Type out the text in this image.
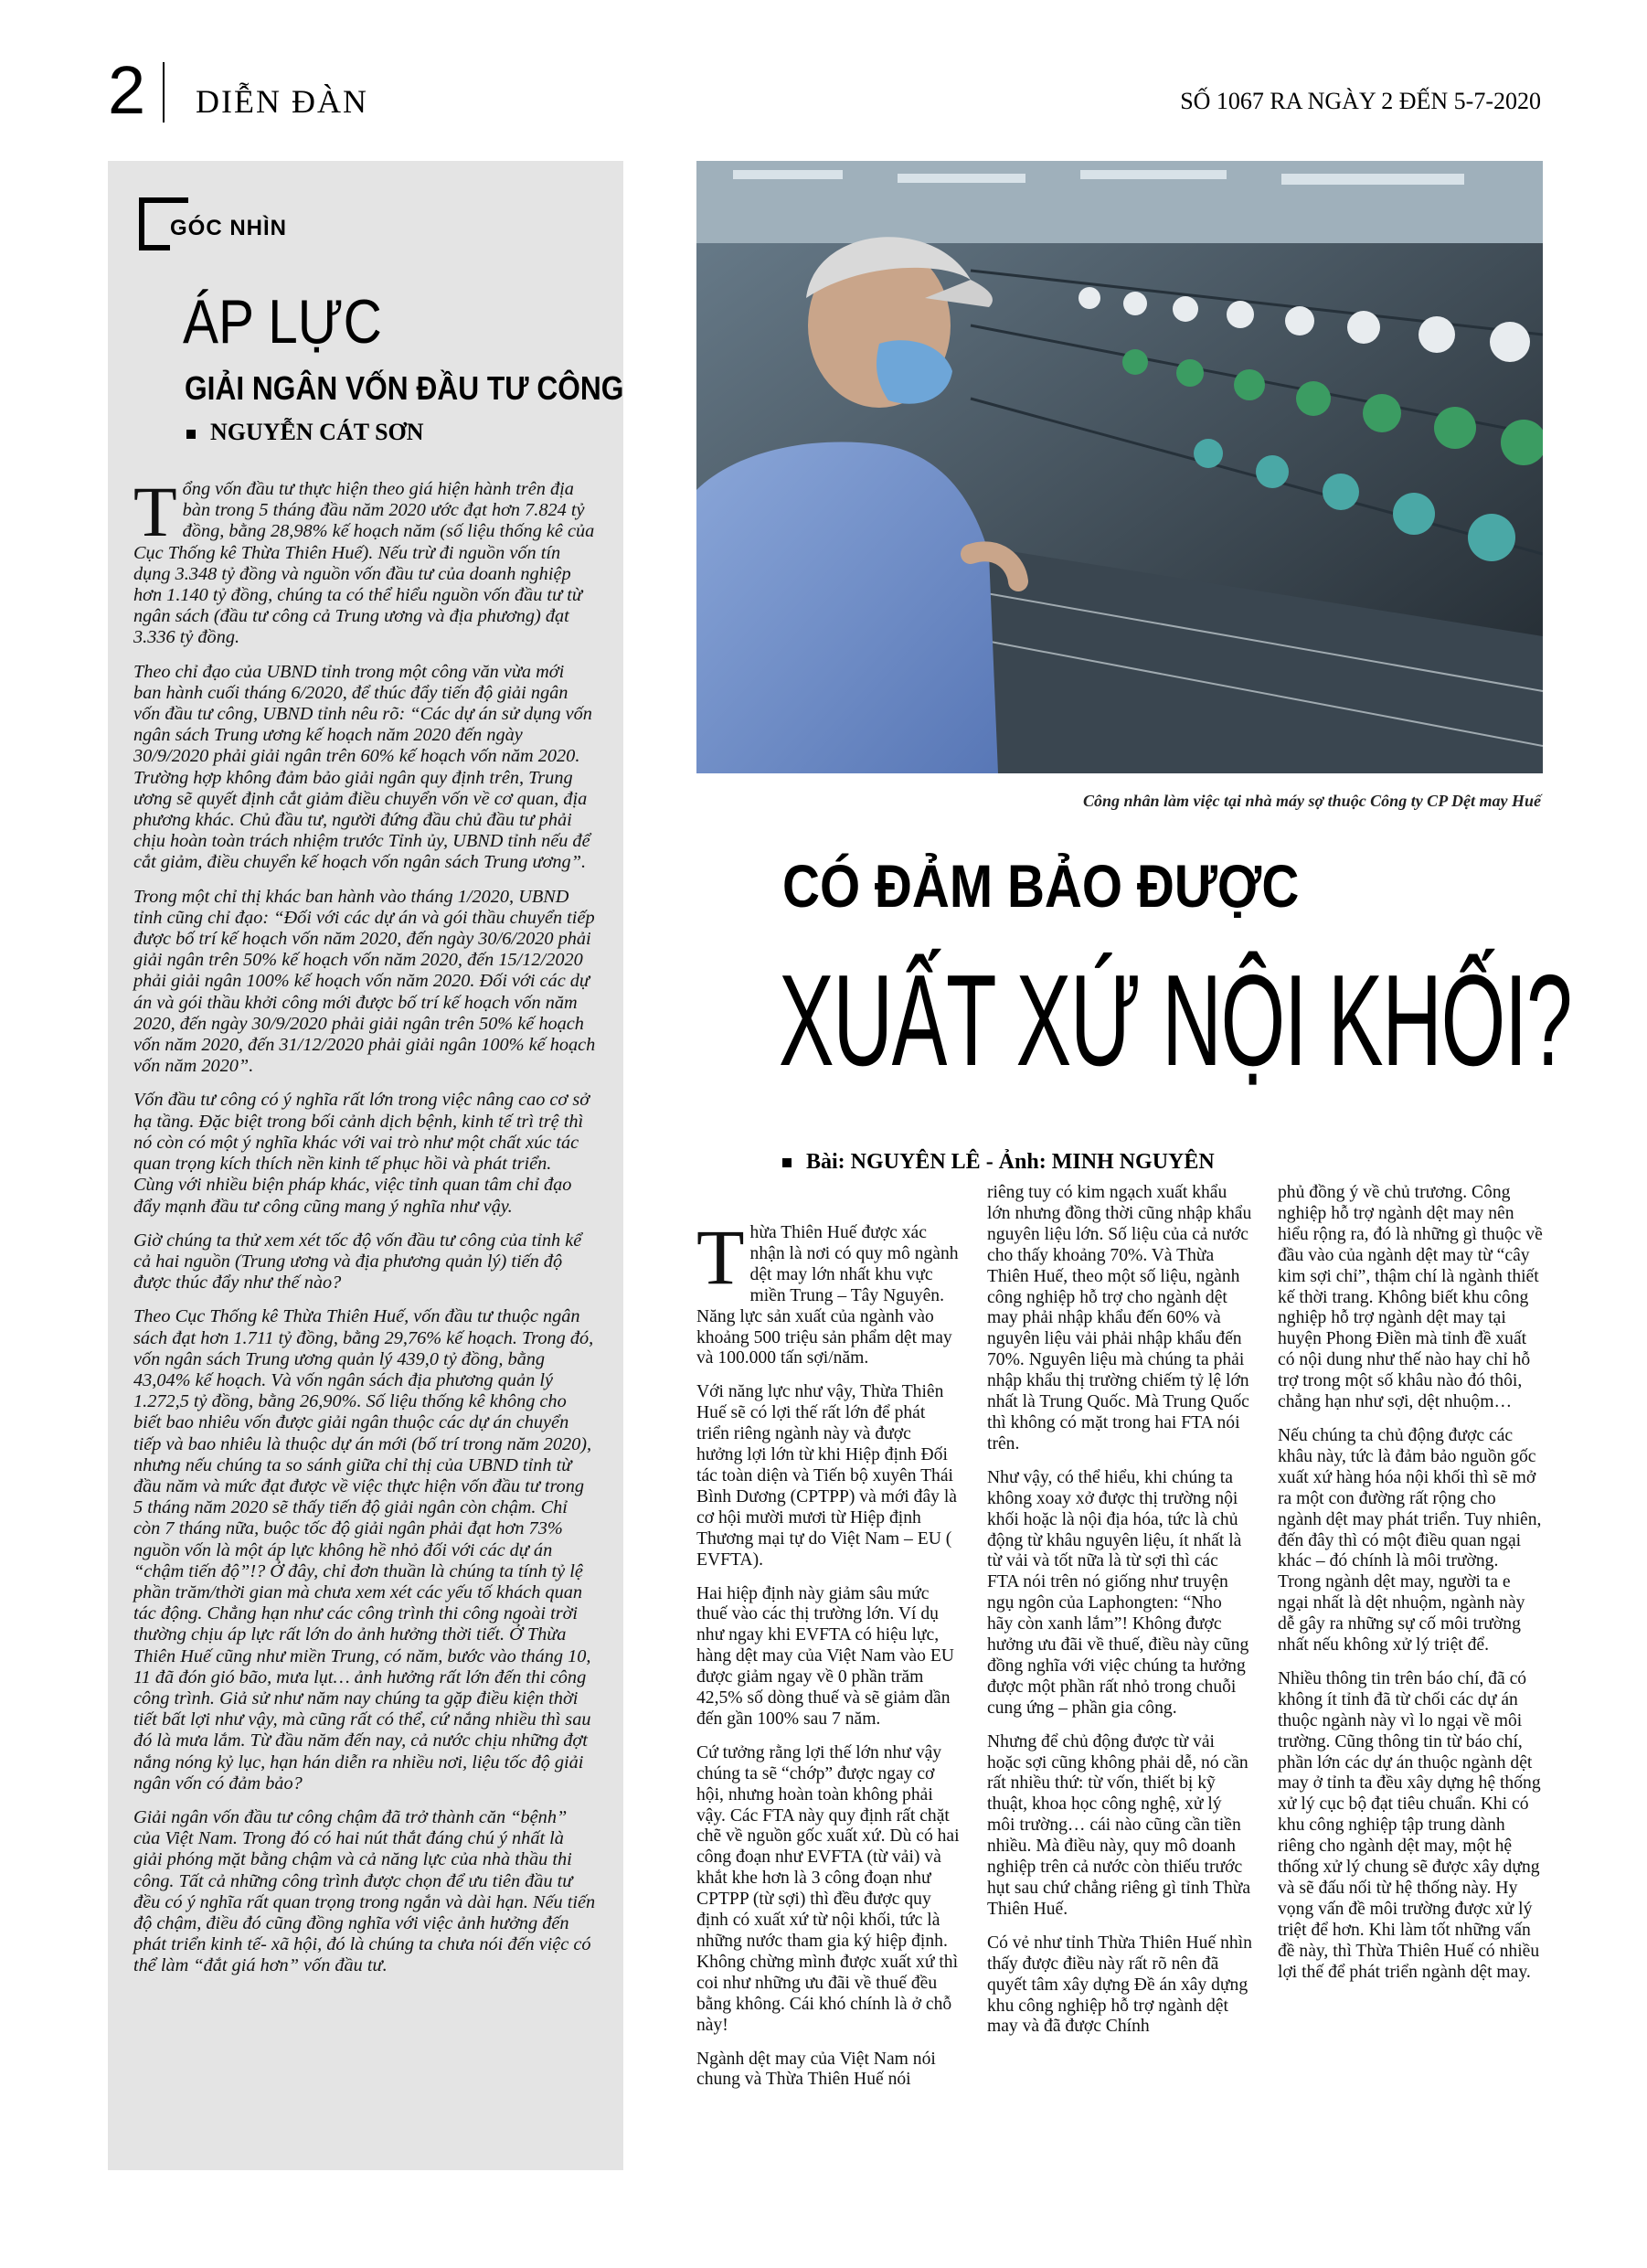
2 DIỄN ĐÀN	SỐ 1067 RA NGÀY 2 ĐẾN 5-7-2020
GÓC NHÌN
ÁP LỰC
GIẢI NGÂN VỐN ĐẦU TƯ CÔNG
NGUYỄN CÁT SƠN

Tổng vốn đầu tư thực hiện theo giá hiện hành trên địa bàn trong 5 tháng đầu năm 2020 ước đạt hơn 7.824 tỷ đồng, bằng 28,98% kế hoạch năm (số liệu thống kê của Cục Thống kê Thừa Thiên Huế). Nếu trừ đi nguồn vốn tín dụng 3.348 tỷ đồng và nguồn vốn đầu tư của doanh nghiệp hơn 1.140 tỷ đồng, chúng ta có thể hiểu nguồn vốn đầu tư từ ngân sách (đầu tư công cả Trung ương và địa phương) đạt 3.336 tỷ đồng.

Theo chỉ đạo của UBND tỉnh trong một công văn vừa mới ban hành cuối tháng 6/2020, để thúc đẩy tiến độ giải ngân vốn đầu tư công, UBND tỉnh nêu rõ: “Các dự án sử dụng vốn ngân sách Trung ương kế hoạch năm 2020 đến ngày 30/9/2020 phải giải ngân trên 60% kế hoạch vốn năm 2020. Trường hợp không đảm bảo giải ngân quy định trên, Trung ương sẽ quyết định cắt giảm điều chuyển vốn về cơ quan, địa phương khác. Chủ đầu tư, người đứng đầu chủ đầu tư phải chịu hoàn toàn trách nhiệm trước Tỉnh ủy, UBND tỉnh nếu để cắt giảm, điều chuyển kế hoạch vốn ngân sách Trung ương”.

Trong một chỉ thị khác ban hành vào tháng 1/2020, UBND tỉnh cũng chỉ đạo: “Đối với các dự án và gói thầu chuyển tiếp được bố trí kế hoạch vốn năm 2020, đến ngày 30/6/2020 phải giải ngân trên 50% kế hoạch vốn năm 2020, đến 15/12/2020 phải giải ngân 100% kế hoạch vốn năm 2020. Đối với các dự án và gói thầu khởi công mới được bố trí kế hoạch vốn năm 2020, đến ngày 30/9/2020 phải giải ngân trên 50% kế hoạch vốn năm 2020, đến 31/12/2020 phải giải ngân 100% kế hoạch vốn năm 2020”.

Vốn đầu tư công có ý nghĩa rất lớn trong việc nâng cao cơ sở hạ tầng. Đặc biệt trong bối cảnh dịch bệnh, kinh tế trì trệ thì nó còn có một ý nghĩa khác với vai trò như một chất xúc tác quan trọng kích thích nền kinh tế phục hồi và phát triển. Cùng với nhiều biện pháp khác, việc tỉnh quan tâm chỉ đạo đẩy mạnh đầu tư công cũng mang ý nghĩa như vậy.

Giờ chúng ta thử xem xét tốc độ vốn đầu tư công của tỉnh kể cả hai nguồn (Trung ương và địa phương quản lý) tiến độ được thúc đẩy như thế nào?

Theo Cục Thống kê Thừa Thiên Huế, vốn đầu tư thuộc ngân sách đạt hơn 1.711 tỷ đồng, bằng 29,76% kế hoạch. Trong đó, vốn ngân sách Trung ương quản lý 439,0 tỷ đồng, bằng 43,04% kế hoạch. Và vốn ngân sách địa phương quản lý 1.272,5 tỷ đồng, bằng 26,90%. Số liệu thống kê không cho biết bao nhiêu vốn được giải ngân thuộc các dự án chuyển tiếp và bao nhiêu là thuộc dự án mới (bố trí trong năm 2020), nhưng nếu chúng ta so sánh giữa chỉ thị của UBND tỉnh từ đầu năm và mức đạt được về việc thực hiện vốn đầu tư trong 5 tháng năm 2020 sẽ thấy tiến độ giải ngân còn chậm. Chỉ còn 7 tháng nữa, buộc tốc độ giải ngân phải đạt hơn 73% nguồn vốn là một áp lực không hề nhỏ đối với các dự án “chậm tiến độ”!? Ở đây, chỉ đơn thuần là chúng ta tính tỷ lệ phần trăm/thời gian mà chưa xem xét các yếu tố khách quan tác động. Chẳng hạn như các công trình thi công ngoài trời thường chịu áp lực rất lớn do ảnh hưởng thời tiết. Ở Thừa Thiên Huế cũng như miền Trung, có năm, bước vào tháng 10, 11 đã đón gió bão, mưa lụt… ảnh hưởng rất lớn đến thi công công trình. Giả sử như năm nay chúng ta gặp điều kiện thời tiết bất lợi như vậy, mà cũng rất có thể, cứ nắng nhiều thì sau đó là mưa lắm. Từ đầu năm đến nay, cả nước chịu những đợt nắng nóng kỷ lục, hạn hán diễn ra nhiều nơi, liệu tốc độ giải ngân vốn có đảm bảo?

Giải ngân vốn đầu tư công chậm đã trở thành căn “bệnh” của Việt Nam. Trong đó có hai nút thắt đáng chú ý nhất là giải phóng mặt bằng chậm và cả năng lực của nhà thầu thi công. Tất cả những công trình được chọn để ưu tiên đầu tư đều có ý nghĩa rất quan trọng trong ngắn và dài hạn. Nếu tiến độ chậm, điều đó cũng đồng nghĩa với việc ảnh hưởng đến phát triển kinh tế- xã hội, đó là chúng ta chưa nói đến việc có thể làm “đắt giá hơn” vốn đầu tư.

Công nhân làm việc tại nhà máy sợ thuộc Công ty CP Dệt may Huế
CÓ ĐẢM BẢO ĐƯỢC
XUẤT XỨ NỘI KHỐI?
Bài: NGUYÊN LÊ - Ảnh: MINH NGUYÊN

Thừa Thiên Huế được xác nhận là nơi có quy mô ngành dệt may lớn nhất khu vực miền Trung – Tây Nguyên. Năng lực sản xuất của ngành vào khoảng 500 triệu sản phẩm dệt may và 100.000 tấn sợi/năm.

Với năng lực như vậy, Thừa Thiên Huế sẽ có lợi thế rất lớn để phát triển riêng ngành này và được hưởng lợi lớn từ khi Hiệp định Đối tác toàn diện và Tiến bộ xuyên Thái Bình Dương (CPTPP) và mới đây là cơ hội mười mươi từ Hiệp định Thương mại tự do Việt Nam – EU ( EVFTA).

Hai hiệp định này giảm sâu mức thuế vào các thị trường lớn. Ví dụ như ngay khi EVFTA có hiệu lực, hàng dệt may của Việt Nam vào EU được giảm ngay về 0 phần trăm 42,5% số dòng thuế và sẽ giảm dần đến gần 100% sau 7 năm.

Cứ tưởng rằng lợi thế lớn như vậy chúng ta sẽ “chớp” được ngay cơ hội, nhưng hoàn toàn không phải vậy. Các FTA này quy định rất chặt chẽ về nguồn gốc xuất xứ. Dù có hai công đoạn như EVFTA (từ vải) và khắt khe hơn là 3 công đoạn như CPTPP (từ sợi) thì đều được quy định có xuất xứ từ nội khối, tức là những nước tham gia ký hiệp định. Không chừng mình được xuất xứ thì coi như những ưu đãi về thuế đều bằng không. Cái khó chính là ở chỗ này!

Ngành dệt may của Việt Nam nói chung và Thừa Thiên Huế nói

riêng tuy có kim ngạch xuất khẩu lớn nhưng đồng thời cũng nhập khẩu nguyên liệu lớn. Số liệu của cả nước cho thấy khoảng 70%. Và Thừa Thiên Huế, theo một số liệu, ngành công nghiệp hỗ trợ cho ngành dệt may phải nhập khẩu đến 60% và nguyên liệu vải phải nhập khẩu đến 70%. Nguyên liệu mà chúng ta phải nhập khẩu thị trường chiếm tỷ lệ lớn nhất là Trung Quốc. Mà Trung Quốc thì không có mặt trong hai FTA nói trên.

Như vậy, có thể hiểu, khi chúng ta không xoay xở được thị trường nội khối hoặc là nội địa hóa, tức là chủ động từ khâu nguyên liệu, ít nhất là từ vải và tốt nữa là từ sợi thì các FTA nói trên nó giống như truyện ngụ ngôn của Laphongten: “Nho hãy còn xanh lắm”! Không được hưởng ưu đãi về thuế, điều này cũng đồng nghĩa với việc chúng ta hưởng được một phần rất nhỏ trong chuỗi cung ứng – phần gia công.

Nhưng để chủ động được từ vải hoặc sợi cũng không phải dễ, nó cần rất nhiều thứ: từ vốn, thiết bị kỹ thuật, khoa học công nghệ, xử lý môi trường… cái nào cũng cần tiền nhiều. Mà điều này, quy mô doanh nghiệp trên cả nước còn thiếu trước hụt sau chứ chẳng riêng gì tỉnh Thừa Thiên Huế.

Có vẻ như tỉnh Thừa Thiên Huế nhìn thấy được điều này rất rõ nên đã quyết tâm xây dựng Đề án xây dựng khu công nghiệp hỗ trợ ngành dệt may và đã được Chính

phủ đồng ý về chủ trương. Công nghiệp hỗ trợ ngành dệt may nên hiểu rộng ra, đó là những gì thuộc về đầu vào của ngành dệt may từ “cây kim sợi chỉ”, thậm chí là ngành thiết kế thời trang. Không biết khu công nghiệp hỗ trợ ngành dệt may tại huyện Phong Điền mà tỉnh đề xuất có nội dung như thế nào hay chỉ hỗ trợ trong một số khâu nào đó thôi, chẳng hạn như sợi, dệt nhuộm…

Nếu chúng ta chủ động được các khâu này, tức là đảm bảo nguồn gốc xuất xứ hàng hóa nội khối thì sẽ mở ra một con đường rất rộng cho ngành dệt may phát triển. Tuy nhiên, đến đây thì có một điều quan ngại khác – đó chính là môi trường. Trong ngành dệt may, người ta e ngại nhất là dệt nhuộm, ngành này dễ gây ra những sự cố môi trường nhất nếu không xử lý triệt để.

Nhiều thông tin trên báo chí, đã có không ít tỉnh đã từ chối các dự án thuộc ngành này vì lo ngại về môi trường. Cũng thông tin từ báo chí, phần lớn các dự án thuộc ngành dệt may ở tỉnh ta đều xây dựng hệ thống xử lý cục bộ đạt tiêu chuẩn. Khi có khu công nghiệp tập trung dành riêng cho ngành dệt may, một hệ thống xử lý chung sẽ được xây dựng và sẽ đấu nối từ hệ thống này. Hy vọng vấn đề môi trường được xử lý triệt để hơn. Khi làm tốt những vấn đề này, thì Thừa Thiên Huế có nhiều lợi thế để phát triển ngành dệt may.
